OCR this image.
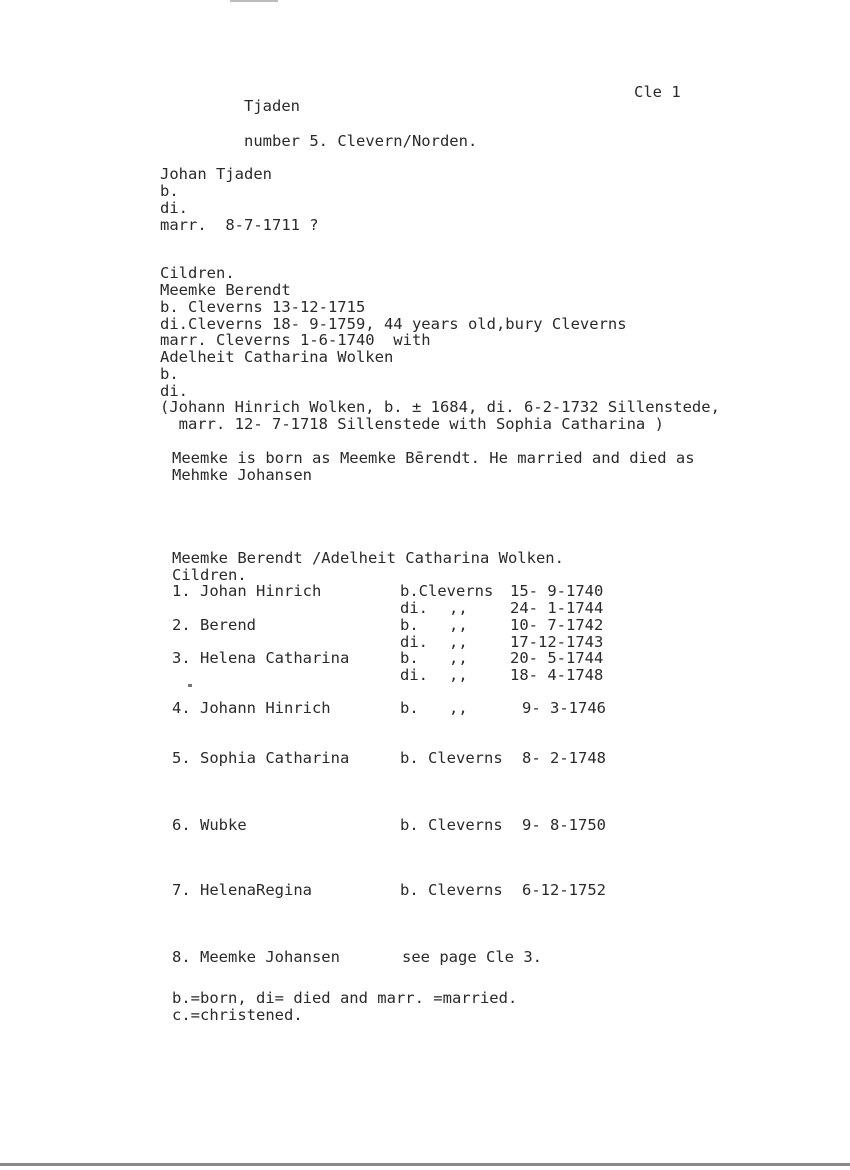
Cle 1
Tjaden
number 5. Clevern/Norden.
Johan Tjaden
b.
di.
marr.  8-7-1711 ?
Cildren.
Meemke Berendt
b. Cleverns 13-12-1715
di.Cleverns 18- 9-1759, 44 years old,bury Cleverns
marr. Cleverns 1-6-1740  with
Adelheit Catharina Wolken
b.
di.
(Johann Hinrich Wolken, b. ± 1684, di. 6-2-1732 Sillenstede,
marr. 12- 7-1718 Sillenstede with Sophia Catharina )
Meemke is born as Meemke Bērendt. He married and died as
Mehmke Johansen
Meemke Berendt /Adelheit Catharina Wolken.
Cildren.
1. Johan Hinrich	b.Cleverns 15- 9-1740
di. ,,	24- 1-1744
2. Berend	b. ,,	10- 7-1742
di. ,,	17-12-1743
3. Helena Catharina	b. ,,	20- 5-1744
di. ,,	18- 4-1748
4. Johann Hinrich	b. ,,	9- 3-1746
5. Sophia Catharina	b. Cleverns 8- 2-1748
6. Wubke	b. Cleverns 9- 8-1750
7. HelenaRegina	b. Cleverns 6-12-1752
8. Meemke Johansen	see page Cle 3.
b.=born, di= died and marr. =married.
c.=christened.
